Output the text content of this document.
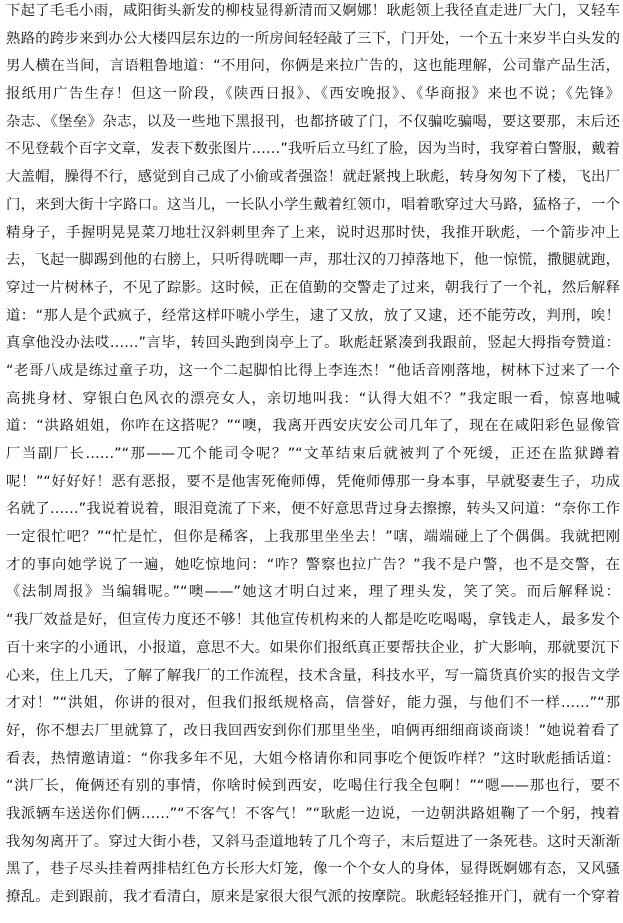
下起了毛毛小雨，咸阳街头新发的柳枝显得新清而又婀娜！耿彪领上我径直走进厂大门，又轻车
熟路的跨步来到办公大楼四层东边的一所房间轻轻敲了三下，门开处，一个五十来岁半白头发的
男人横在当间，言语粗鲁地道：“不用问，你俩是来拉广告的，这也能理解，公司靠产品生活，
报纸用广告生存！但这一阶段，《陕西日报》、《西安晚报》、《华商报》来也不说；《先锋》
杂志、《堡垒》杂志，以及一些地下黑报刊，也都挤破了门，不仅骗吃骗喝，要这要那，末后还
不见登载个百字文章，发表下数张图片……”我听后立马红了脸，因为当时，我穿着白警服，戴着
大盖帽，臊得不行，感觉到自己成了小偷或者强盗！就赶紧拽上耿彪，转身匆匆下了楼，飞出厂
门，来到大街十字路口。这当儿，一长队小学生戴着红领巾，唱着歌穿过大马路，猛格子，一个
精身子，手握明晃晃菜刀地壮汉斜刺里奔了上来，说时迟那时快，我推开耿彪，一个箭步冲上
去，飞起一脚踢到他的右膀上，只听得咣唧一声，那壮汉的刀掉落地下，他一惊慌，撒腿就跑，
穿过一片树林子，不见了踪影。这时候，正在值勤的交警走了过来，朝我行了一个礼，然后解释
道：“那人是个武疯子，经常这样吓唬小学生，逮了又放，放了又逮，还不能劳改，判刑，唉！
真拿他没办法哎……”言毕，转回头跑到岗亭上了。耿彪赶紧凑到我跟前，竖起大拇指夸赞道：
“老哥八成是练过童子功，这一个二起脚怕比得上李连杰！”他话音刚落地，树林下过来了一个
高挑身材、穿银白色风衣的漂亮女人，亲切地叫我：“认得大姐不？”我定眼一看，惊喜地喊
道：“洪路姐姐，你咋在这搭呢？”“噢，我离开西安庆安公司几年了，现在在咸阳彩色显像管
厂当副厂长……”“那——兀个能司令呢？”“文革结束后就被判了个死缓，正还在监狱蹲着
呢！”“好好好！恶有恶报，要不是他害死俺师傅，凭俺师傅那一身本事，早就娶妻生子，功成
名就了……”我说着说着，眼泪竟流了下来，便不好意思背过身去擦擦，转头又问道：“奈你工作
一定很忙吧？”“忙是忙，但你是稀客，上我那里坐坐去！”嗐，端端碰上了个偶偶。我就把刚
才的事向她学说了一遍，她吃惊地问：“咋？警察也拉广告？”我不是户警，也不是交警，在
《法制周报》当编辑呢。”“噢——”她这才明白过来，理了理头发，笑了笑。而后解释说：
“我厂效益是好，但宣传力度还不够！其他宣传机构来的人都是吃吃喝喝，拿钱走人，最多发个
百十来字的小通讯，小报道，意思不大。如果你们报纸真正要帮扶企业，扩大影响，那就要沉下
心来，住上几天，了解了解我厂的工作流程，技术含量，科技水平，写一篇货真价实的报告文学
才对！”“洪姐，你讲的很对，但我们报纸规格高，信誉好，能力强，与他们不一样……”“那
好，你不想去厂里就算了，改日我回西安到你们那里坐坐，咱俩再细细商谈商谈！”她说着看了
看表，热情邀请道：“你我多年不见，大姐今格请你和同事吃个便饭咋样？”这时耿彪插话道：
“洪厂长，俺俩还有别的事情，你啥时候到西安，吃喝住行我全包啊！”“嗯——那也行，要不
我派辆车送送你们俩……”“不客气！不客气！”“耿彪一边说，一边朝洪路姐鞠了一个躬，拽着
我匆匆离开了。穿过大街小巷，又斜马歪道地转了几个弯子，末后踅进了一条死巷。这时天渐渐
黑了，巷子尽头挂着两排桔红色方长形大灯笼，像一个个女人的身体，显得既婀娜有态，又风骚
撩乱。走到跟前，我才看清白，原来是家很大很气派的按摩院。耿彪轻轻推开门，就有一个穿着
